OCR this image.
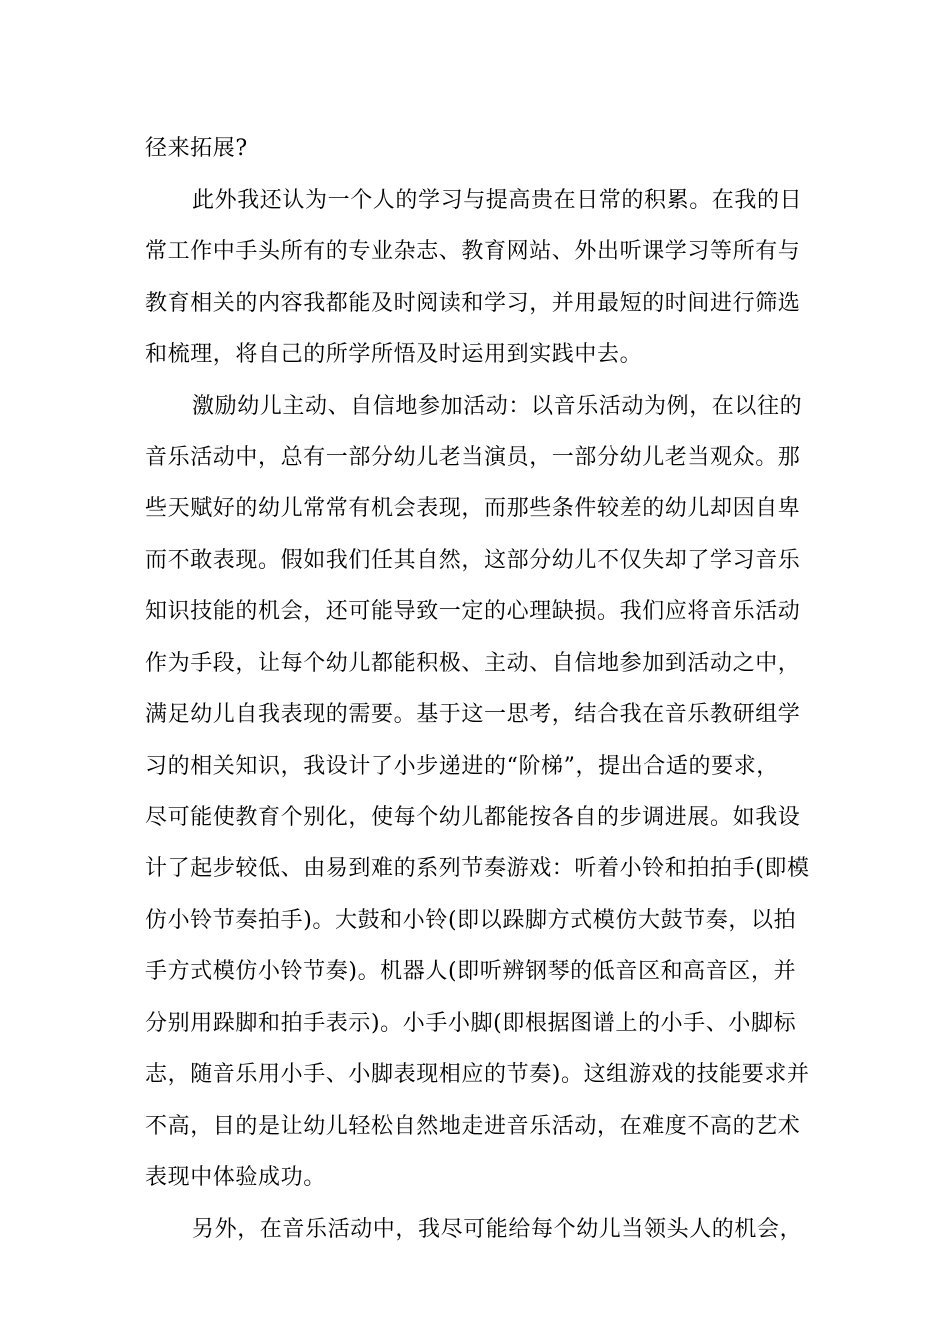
径来拓展?
此外我还认为一个人的学习与提高贵在日常的积累。在我的日
常工作中手头所有的专业杂志、教育网站、外出听课学习等所有与
教育相关的内容我都能及时阅读和学习，并用最短的时间进行筛选
和梳理，将自己的所学所悟及时运用到实践中去。
激励幼儿主动、自信地参加活动：以音乐活动为例，在以往的
音乐活动中，总有一部分幼儿老当演员，一部分幼儿老当观众。那
些天赋好的幼儿常常有机会表现，而那些条件较差的幼儿却因自卑
而不敢表现。假如我们任其自然，这部分幼儿不仅失却了学习音乐
知识技能的机会，还可能导致一定的心理缺损。我们应将音乐活动
作为手段，让每个幼儿都能积极、主动、自信地参加到活动之中，
满足幼儿自我表现的需要。基于这一思考，结合我在音乐教研组学
习的相关知识，我设计了小步递进的“阶梯”，提出合适的要求，
尽可能使教育个别化，使每个幼儿都能按各自的步调进展。如我设
计了起步较低、由易到难的系列节奏游戏：听着小铃和拍拍手(即模
仿小铃节奏拍手)。大鼓和小铃(即以跺脚方式模仿大鼓节奏，以拍
手方式模仿小铃节奏)。机器人(即听辨钢琴的低音区和高音区，并
分别用跺脚和拍手表示)。小手小脚(即根据图谱上的小手、小脚标
志，随音乐用小手、小脚表现相应的节奏)。这组游戏的技能要求并
不高，目的是让幼儿轻松自然地走进音乐活动，在难度不高的艺术
表现中体验成功。
另外，在音乐活动中，我尽可能给每个幼儿当领头人的机会，
